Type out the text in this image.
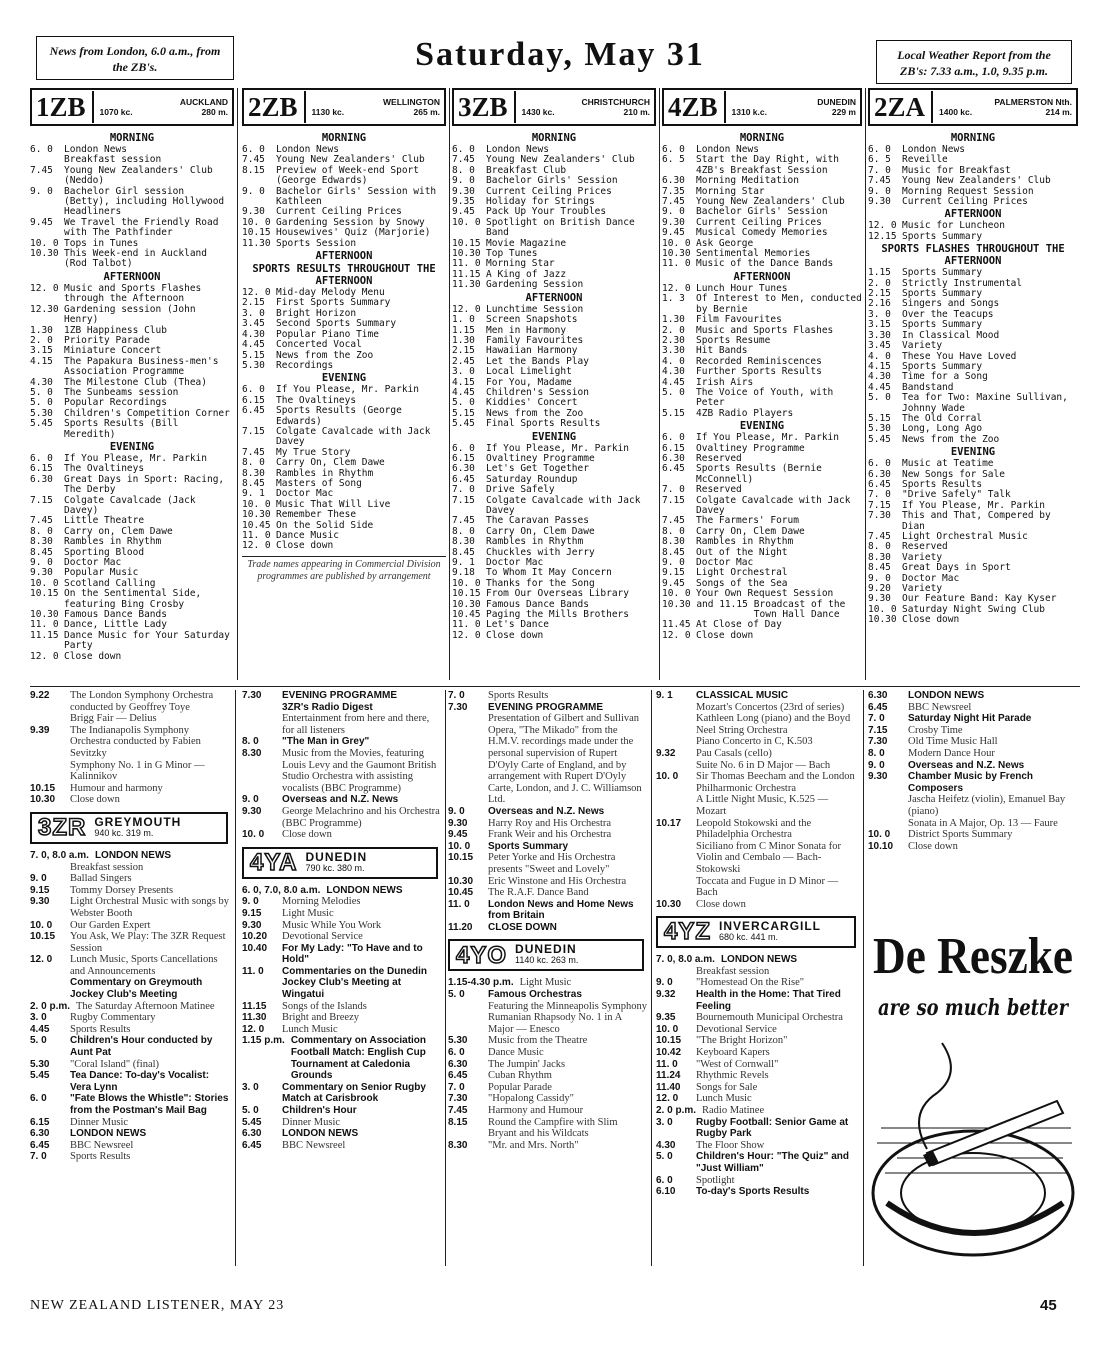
News from London, 6.0 a.m., from the ZB's.	Saturday, May 31	Local Weather Report from the ZB's: 7.33 a.m., 1.0, 9.35 p.m.
1ZB	AUCKLAND
1070 kc.	280 m.
MORNING
6. 0	London News
Breakfast session
7.45	Young New Zealanders' Club (Neddo)
9. 0	Bachelor Girl session (Betty), including Hollywood Headliners
9.45	We Travel the Friendly Road with The Pathfinder
10. 0 Tops in Tunes
10.30 This Week-end in Auckland (Rod Talbot)
AFTERNOON
12. 0 Music and Sports Flashes through the Afternoon
12.30 Gardening session (John Henry)
1.30	1ZB Happiness Club
2. 0	Priority Parade
3.15	Miniature Concert
4.15	The Papakura Business-men's Association Programme
4.30	The Milestone Club (Thea)
5. 0	The Sunbeams session
5. 0	Popular Recordings
5.30	Children's Competition Corner
5.45	Sports Results (Bill Meredith)
EVENING
6. 0	If You Please, Mr. Parkin
6.15	The Ovaltineys
6.30	Great Days in Sport: Racing, The Derby
7.15	Colgate Cavalcade (Jack Davey)
7.45	Little Theatre
8. 0	Carry on, Clem Dawe
8.30	Rambles in Rhythm
8.45	Sporting Blood
9. 0	Doctor Mac
9.30	Popular Music
10. 0 Scotland Calling
10.15 On the Sentimental Side, featuring Bing Crosby
10.30 Famous Dance Bands
11. 0 Dance, Little Lady
11.15 Dance Music for Your Saturday Party
12. 0 Close down
2ZB	WELLINGTON
1130 kc.	265 m.
MORNING
6. 0	London News
7.45	Young New Zealanders' Club
8.15	Preview of Week-end Sport (George Edwards)
9. 0	Bachelor Girls' Session with Kathleen
9.30	Current Ceiling Prices
10. 0 Gardening Session by Snowy
10.15 Housewives' Quiz (Marjorie)
11.30 Sports Session
AFTERNOON
SPORTS RESULTS THROUGHOUT THE AFTERNOON
12. 0 Mid-day Melody Menu
2.15	First Sports Summary
3. 0	Bright Horizon
3.45	Second Sports Summary
4.30	Popular Piano Time
4.45	Concerted Vocal
5.15	News from the Zoo
5.30	Recordings
EVENING
6. 0	If You Please, Mr. Parkin
6.15	The Ovaltineys
6.45	Sports Results (George Edwards)
7.15	Colgate Cavalcade with Jack Davey
7.45	My True Story
8. 0	Carry On, Clem Dawe
8.30	Rambles in Rhythm
8.45	Masters of Song
9. 1	Doctor Mac
10. 0 Music That Will Live
10.30 Remember These
10.45 On the Solid Side
11. 0 Dance Music
12. 0 Close down
Trade names appearing in Commercial Division programmes are published by arrangement
3ZB	CHRISTCHURCH
1430 kc.	210 m.
MORNING
6. 0	London News
7.45	Young New Zealanders' Club
8. 0	Breakfast Club
9. 0	Bachelor Girls' Session
9.30	Current Ceiling Prices
9.35	Holiday for Strings
9.45	Pack Up Your Troubles
10. 0 Spotlight on British Dance Band
10.15 Movie Magazine
10.30 Top Tunes
11. 0 Morning Star
11.15 A King of Jazz
11.30 Gardening Session
AFTERNOON
12. 0 Lunchtime Session
1. 0	Screen Snapshots
1.15	Men in Harmony
1.30	Family Favourites
2.15	Hawaiian Harmony
2.45	Let the Bands Play
3. 0	Local Limelight
4.15	For You, Madame
4.45	Children's Session
5. 0	Kiddies' Concert
5.15	News from the Zoo
5.45	Final Sports Results
EVENING
6. 0	If You Please, Mr. Parkin
6.15	Ovaltiney Programme
6.30	Let's Get Together
6.45	Saturday Roundup
7. 0	Drive Safely
7.15	Colgate Cavalcade with Jack Davey
7.45	The Caravan Passes
8. 0	Carry On, Clem Dawe
8.30	Rambles in Rhythm
8.45	Chuckles with Jerry
9. 1	Doctor Mac
9.18	To Whom It May Concern
10. 0 Thanks for the Song
10.15 From Our Overseas Library
10.30 Famous Dance Bands
10.45 Paging the Mills Brothers
11. 0 Let's Dance
12. 0 Close down
4ZB	DUNEDIN
1310 k.c.	229 m
MORNING
6. 0	London News
6. 5	Start the Day Right, with 4ZB's Breakfast Session
6.30	Morning Meditation
7.35	Morning Star
7.45	Young New Zealanders' Club
9. 0	Bachelor Girls' Session
9.30	Current Ceiling Prices
9.45	Musical Comedy Memories
10. 0 Ask George
10.30 Sentimental Memories
11. 0 Music of the Dance Bands
AFTERNOON
12. 0 Lunch Hour Tunes
1. 3	Of Interest to Men, conducted by Bernie
1.30	Film Favourites
2. 0	Music and Sports Flashes
2.30	Sports Resume
3.30	Hit Bands
4. 0	Recorded Reminiscences
4.30	Further Sports Results
4.45	Irish Airs
5. 0	The Voice of Youth, with Peter
5.15	4ZB Radio Players
EVENING
6. 0	If You Please, Mr. Parkin
6.15	Ovaltiney Programme
6.30	Reserved
6.45	Sports Results (Bernie McConnell)
7. 0	Reserved
7.15	Colgate Cavalcade with Jack Davey
7.45	The Farmers' Forum
8. 0	Carry On, Clem Dawe
8.30	Rambles in Rhythm
8.45	Out of the Night
9. 0	Doctor Mac
9.15	Light Orchestral
9.45	Songs of the Sea
10. 0 Your Own Request Session
10.30 and 11.15 Broadcast of the Town Hall Dance
11.45 At Close of Day
12. 0 Close down
2ZA	PALMERSTON Nth.
1400 kc.	214 m.
MORNING
6. 0	London News
6. 5	Reveille
7. 0	Music for Breakfast
7.45	Young New Zealanders' Club
9. 0	Morning Request Session
9.30	Current Ceiling Prices
AFTERNOON
12. 0 Music for Luncheon
12.15 Sports Summary
SPORTS FLASHES THROUGHOUT THE AFTERNOON
1.15	Sports Summary
2. 0	Strictly Instrumental
2.15	Sports Summary
2.16	Singers and Songs
3. 0	Over the Teacups
3.15	Sports Summary
3.30	In Classical Mood
3.45	Variety
4. 0	These You Have Loved
4.15	Sports Summary
4.30	Time for a Song
4.45	Bandstand
5. 0	Tea for Two: Maxine Sullivan, Johnny Wade
5.15	The Old Corral
5.30	Long, Long Ago
5.45	News from the Zoo
EVENING
6. 0	Music at Teatime
6.30	New Songs for Sale
6.45	Sports Results
7. 0	"Drive Safely" Talk
7.15	If You Please, Mr. Parkin
7.30	This and That, Compered by Dian
7.45	Light Orchestral Music
8. 0	Reserved
8.30	Variety
8.45	Great Days in Sport
9. 0	Doctor Mac
9.20	Variety
9.30	Our Feature Band: Kay Kyser
10. 0 Saturday Night Swing Club
10.30 Close down
9.22	The London Symphony Orchestra conducted by Geoffrey Toye
Brigg Fair — Delius
9.39	The Indianapolis Symphony Orchestra conducted by Fabien Sevitzky
Symphony No. 1 in G Minor — Kalinnikov
10.15	Humour and harmony
10.30	Close down
3ZR GREYMOUTH
940 kc. 319 m.
7. 0, 8.0 a.m. LONDON NEWS
Breakfast session
9. 0	Ballad Singers
9.15	Tommy Dorsey Presents
9.30	Light Orchestral Music with songs by Webster Booth
10. 0	Our Garden Expert
10.15	You Ask, We Play: The 3ZR Request Session
12. 0	Lunch Music, Sports Cancellations and Announcements
Commentary on Greymouth Jockey Club's Meeting
2. 0 p.m. The Saturday Afternoon Matinee
3. 0	Rugby Commentary
4.45	Sports Results
5. 0	Children's Hour conducted by Aunt Pat
5.30	"Coral Island" (final)
5.45	Tea Dance: To-day's Vocalist: Vera Lynn
6. 0	"Fate Blows the Whistle": Stories from the Postman's Mail Bag
6.15	Dinner Music
6.30	LONDON NEWS
6.45	BBC Newsreel
7. 0	Sports Results
7.30	EVENING PROGRAMME
3ZR's Radio Digest
Entertainment from here and there, for all listeners
8. 0	"The Man in Grey"
8.30	Music from the Movies, featuring Louis Levy and the Gaumont British Studio Orchestra with assisting vocalists (BBC Programme)
9. 0	Overseas and N.Z. News
9.30	George Melachrino and his Orchestra (BBC Programme)
10. 0	Close down
4YA DUNEDIN
790 kc. 380 m.
6. 0, 7.0, 8.0 a.m. LONDON NEWS
9. 0	Morning Melodies
9.15	Light Music
9.30	Music While You Work
10.20	Devotional Service
10.40	For My Lady: "To Have and to Hold"
11. 0	Commentaries on the Dunedin Jockey Club's Meeting at Wingatui
11.15	Songs of the Islands
11.30	Bright and Breezy
12. 0	Lunch Music
1.15 p.m. Commentary on Association Football Match: English Cup Tournament at Caledonia Grounds
3. 0	Commentary on Senior Rugby Match at Carisbrook
5. 0	Children's Hour
5.45	Dinner Music
6.30	LONDON NEWS
6.45	BBC Newsreel
7. 0	Sports Results
7.30	EVENING PROGRAMME
Presentation of Gilbert and Sullivan Opera, "The Mikado" from the H.M.V. recordings made under the personal supervision of Rupert D'Oyly Carte of England, and by arrangement with Rupert D'Oyly Carte, London, and J. C. Williamson Ltd.
9. 0	Overseas and N.Z. News
9.30	Harry Roy and His Orchestra
9.45	Frank Weir and his Orchestra
10. 0	Sports Summary
10.15	Peter Yorke and His Orchestra presents "Sweet and Lovely"
10.30	Eric Winstone and His Orchestra
10.45	The R.A.F. Dance Band
11. 0	London News and Home News from Britain
11.20	CLOSE DOWN
4YO DUNEDIN
1140 kc. 263 m.
1.15-4.30 p.m. Light Music
5. 0	Famous Orchestras
Featuring the Minneapolis Symphony
Rumanian Rhapsody No. 1 in A Major — Enesco
5.30	Music from the Theatre
6. 0	Dance Music
6.30	The Jumpin' Jacks
6.45	Cuban Rhythm
7. 0	Popular Parade
7.30	"Hopalong Cassidy"
7.45	Harmony and Humour
8.15	Round the Campfire with Slim Bryant and his Wildcats
8.30	"Mr. and Mrs. North"
9. 1	CLASSICAL MUSIC
Mozart's Concertos (23rd of series)
Kathleen Long (piano) and the Boyd Neel String Orchestra
Piano Concerto in C, K.503
9.32	Pau Casals (cello)
Suite No. 6 in D Major — Bach
10. 0	Sir Thomas Beecham and the London Philharmonic Orchestra
A Little Night Music, K.525 — Mozart
10.17	Leopold Stokowski and the Philadelphia Orchestra
Siciliano from C Minor Sonata for Violin and Cembalo — Bach-Stokowski
Toccata and Fugue in D Minor — Bach
10.30	Close down
4YZ INVERCARGILL
680 kc. 441 m.
7. 0, 8.0 a.m. LONDON NEWS
Breakfast session
9. 0	"Homestead On the Rise"
9.32	Health in the Home: That Tired Feeling
9.35	Bournemouth Municipal Orchestra
10. 0	Devotional Service
10.15	"The Bright Horizon"
10.42	Keyboard Kapers
11. 0	"West of Cornwall"
11.24	Rhythmic Revels
11.40	Songs for Sale
12. 0	Lunch Music
2. 0 p.m. Radio Matinee
3. 0	Rugby Football: Senior Game at Rugby Park
4.30	The Floor Show
5. 0	Children's Hour: "The Quiz" and "Just William"
6. 0	Spotlight
6.10	To-day's Sports Results
6.30	LONDON NEWS
6.45	BBC Newsreel
7. 0	Saturday Night Hit Parade
7.15	Crosby Time
7.30	Old Time Music Hall
8. 0	Modern Dance Hour
9. 0	Overseas and N.Z. News
9.30	Chamber Music by French Composers
Jascha Heifetz (violin), Emanuel Bay (piano)
Sonata in A Major, Op. 13 — Faure
10. 0	District Sports Summary
10.10	Close down
De Reszke
are so much better
NEW ZEALAND LISTENER, MAY 23	45
